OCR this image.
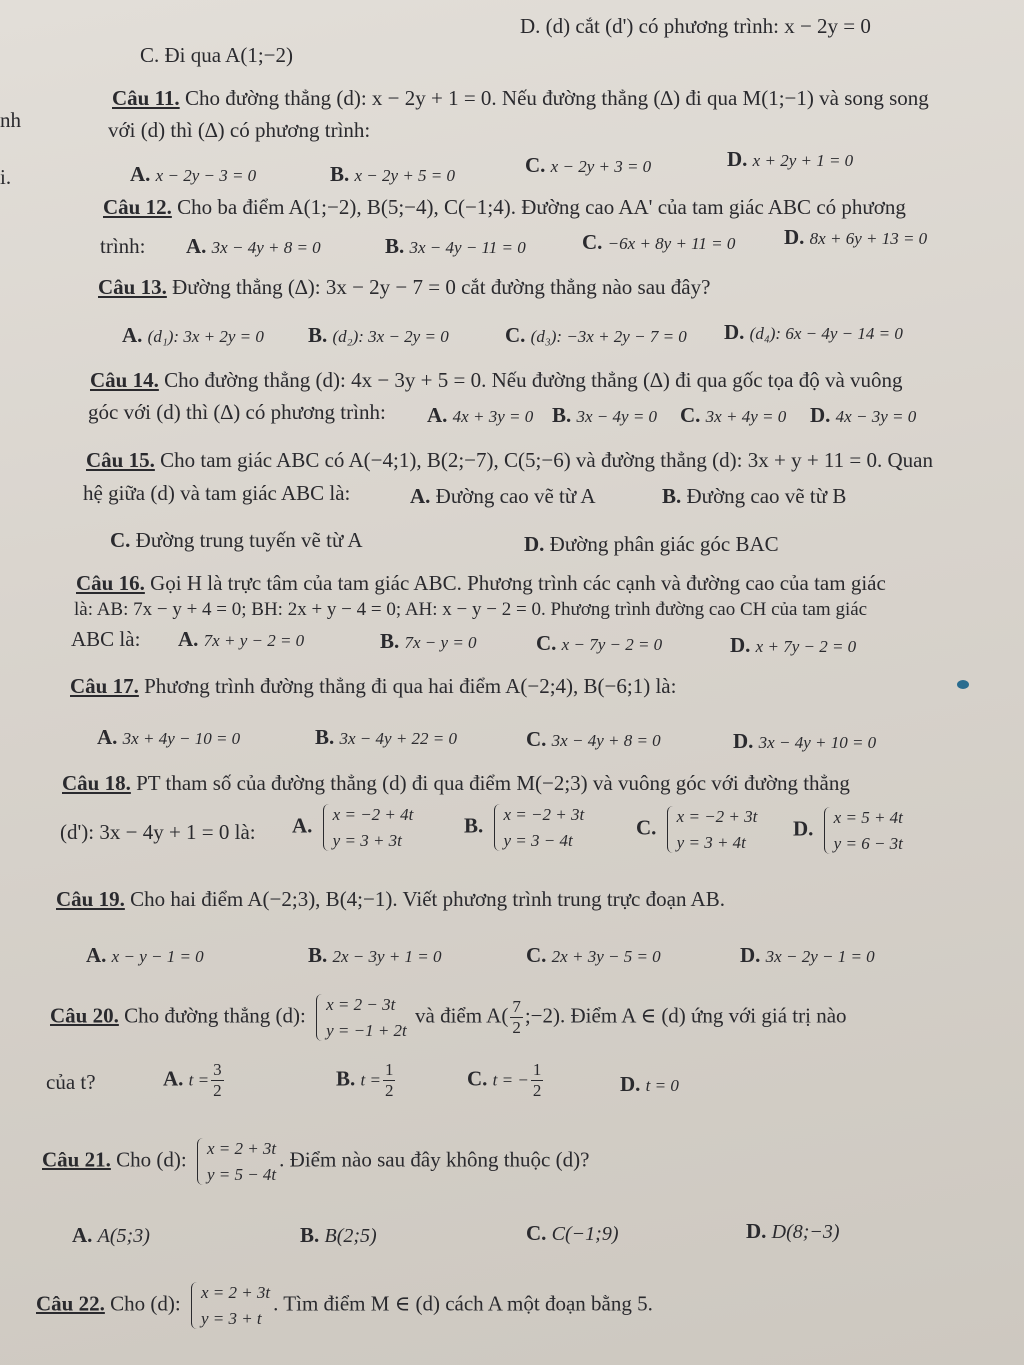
nh
i.
D. (d) cắt (d') có phương trình: x − 2y = 0
C. Đi qua A(1;−2)
Câu 11. Cho đường thẳng (d): x − 2y + 1 = 0. Nếu đường thẳng (∆) đi qua M(1;−1) và song song
với (d) thì (∆) có phương trình:
A. x − 2y − 3 = 0	B. x − 2y + 5 = 0	C. x − 2y + 3 = 0	D. x + 2y + 1 = 0
Câu 12. Cho ba điểm A(1;−2), B(5;−4), C(−1;4). Đường cao AA' của tam giác ABC có phương
trình: A. 3x − 4y + 8 = 0	B. 3x − 4y − 11 = 0	C. −6x + 8y + 11 = 0 D. 8x + 6y + 13 = 0
Câu 13. Đường thẳng (∆): 3x − 2y − 7 = 0 cắt đường thẳng nào sau đây?
A. (d₁): 3x + 2y = 0 B. (d₂): 3x − 2y = 0	C. (d₃): −3x + 2y − 7 = 0 D. (d₄): 6x − 4y − 14 = 0
Câu 14. Cho đường thẳng (d): 4x − 3y + 5 = 0. Nếu đường thẳng (∆) đi qua gốc tọa độ và vuông
góc với (d) thì (∆) có phương trình: A. 4x + 3y = 0 B. 3x − 4y = 0 C. 3x + 4y = 0 D. 4x − 3y = 0
Câu 15. Cho tam giác ABC có A(−4;1), B(2;−7), C(5;−6) và đường thẳng (d): 3x + y + 11 = 0. Quan
hệ giữa (d) và tam giác ABC là:	A. Đường cao vẽ từ A	B. Đường cao vẽ từ B
C. Đường trung tuyến vẽ từ A	D. Đường phân giác góc BAC
Câu 16. Gọi H là trực tâm của tam giác ABC. Phương trình các cạnh và đường cao của tam giác
là: AB: 7x − y + 4 = 0; BH: 2x + y − 4 = 0; AH: x − y − 2 = 0. Phương trình đường cao CH của tam giác
ABC là: A. 7x + y − 2 = 0	B. 7x − y = 0	C. x − 7y − 2 = 0	D. x + 7y − 2 = 0
Câu 17. Phương trình đường thẳng đi qua hai điểm A(−2;4), B(−6;1) là:
A. 3x + 4y − 10 = 0	B. 3x − 4y + 22 = 0	C. 3x − 4y + 8 = 0	D. 3x − 4y + 10 = 0
Câu 18. PT tham số của đường thẳng (d) đi qua điểm M(−2;3) và vuông góc với đường thẳng
(d'): 3x − 4y + 1 = 0 là: A. x = −2 + 4t
y = 3 + 3t
B. x = −2 + 3t
y = 3 − 4t
C. x = −2 + 3t
y = 3 + 4t
D. x = 5 + 4t
y = 6 − 3t
Câu 19. Cho hai điểm A(−2;3), B(4;−1). Viết phương trình trung trực đoạn AB.
A. x − y − 1 = 0	B. 2x − 3y + 1 = 0	C. 2x + 3y − 5 = 0	D. 3x − 2y − 1 = 0
Câu 20. Cho đường thẳng (d): x = 2 − 3t
y = −1 + 2t
và điểm $A( \frac{7}{2}$ ;−2). Điểm A ∈ (d) ứng với giá trị nào
của t?	A. $t = \frac{3}{2}$	B. $t = \frac{1}{2}$	C. t = − $\frac{1}{2}$	D. t = 0
Câu 21. Cho (d): x = 2 + 3t
y = 5 − 4t
. Điểm nào sau đây không thuộc (d)?
A. A(5;3)	B. B(2;5)	C. C(−1;9)	D. D(8;−3)
Câu 22. Cho (d): x = 2 + 3t
y = 3 + t
. Tìm điểm M ∈ (d) cách A một đoạn bằng 5.
